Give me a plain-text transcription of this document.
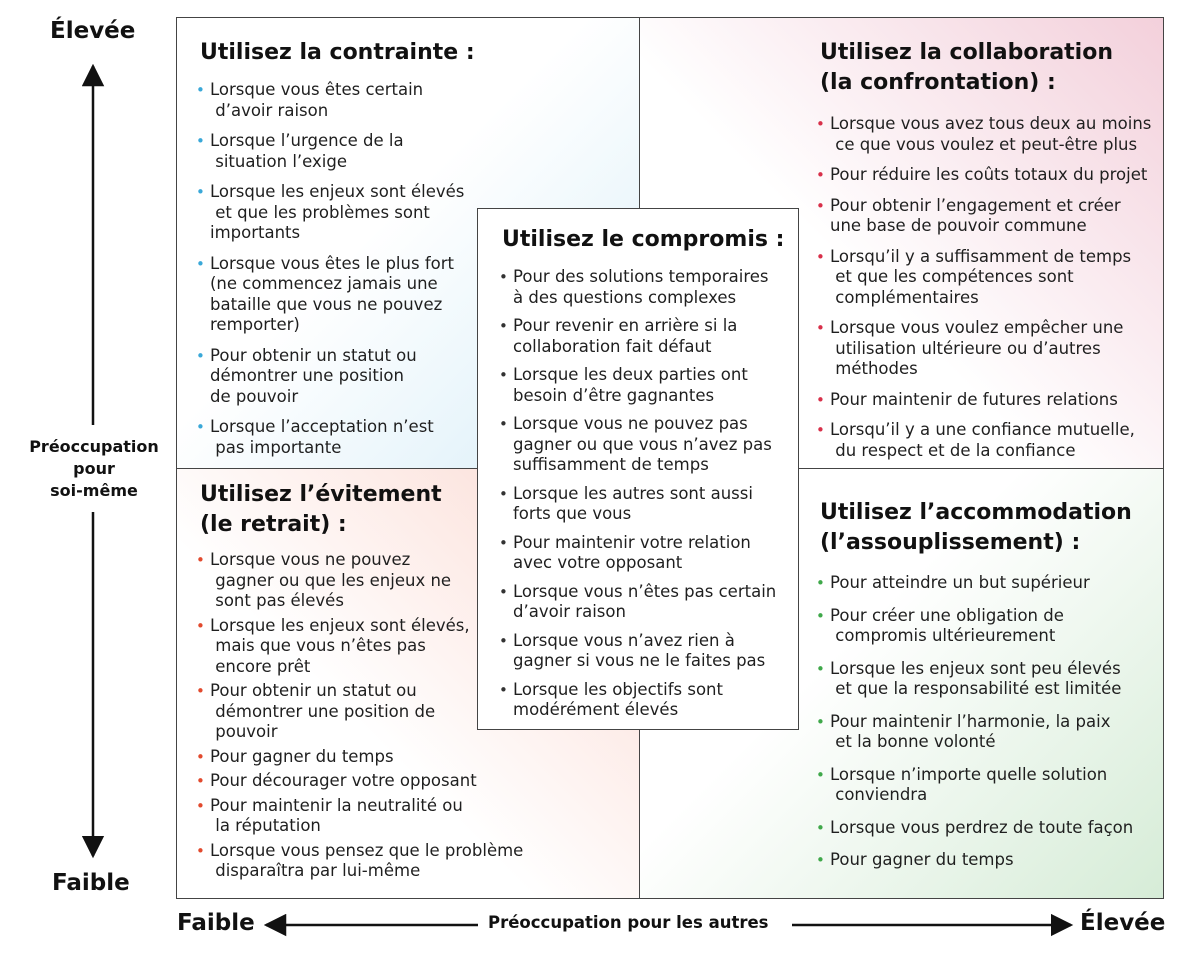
Élevée
Préoccupation
pour
soi-même
Faible
Faible	Préoccupation pour les autres	Élevée
Utilisez la contrainte :
• Lorsque vous êtes certain
d’avoir raison
• Lorsque l’urgence de la
situation l’exige
• Lorsque les enjeux sont élevés
et que les problèmes sont
importants
• Lorsque vous êtes le plus fort
(ne commencez jamais une
bataille que vous ne pouvez
remporter)
• Pour obtenir un statut ou
démontrer une position
de pouvoir
• Lorsque l’acceptation n’est
pas importante
Utilisez la collaboration
(la confrontation) :
• Lorsque vous avez tous deux au moins
ce que vous voulez et peut-être plus
• Pour réduire les coûts totaux du projet
• Pour obtenir l’engagement et créer
une base de pouvoir commune
• Lorsqu’il y a suffisamment de temps
et que les compétences sont
complémentaires
• Lorsque vous voulez empêcher une
utilisation ultérieure ou d’autres
méthodes
• Pour maintenir de futures relations
• Lorsqu’il y a une confiance mutuelle,
du respect et de la confiance
Utilisez l’évitement
(le retrait) :
• Lorsque vous ne pouvez
gagner ou que les enjeux ne
sont pas élevés
• Lorsque les enjeux sont élevés,
mais que vous n’êtes pas
encore prêt
• Pour obtenir un statut ou
démontrer une position de
pouvoir
• Pour gagner du temps
• Pour décourager votre opposant
• Pour maintenir la neutralité ou
la réputation
• Lorsque vous pensez que le problème
disparaîtra par lui-même
Utilisez l’accommodation
(l’assouplissement) :
• Pour atteindre un but supérieur
• Pour créer une obligation de
compromis ultérieurement
• Lorsque les enjeux sont peu élevés
et que la responsabilité est limitée
• Pour maintenir l’harmonie, la paix
et la bonne volonté
• Lorsque n’importe quelle solution
conviendra
• Lorsque vous perdrez de toute façon
• Pour gagner du temps
Utilisez le compromis :
• Pour des solutions temporaires
à des questions complexes
• Pour revenir en arrière si la
collaboration fait défaut
• Lorsque les deux parties ont
besoin d’être gagnantes
• Lorsque vous ne pouvez pas
gagner ou que vous n’avez pas
suffisamment de temps
• Lorsque les autres sont aussi
forts que vous
• Pour maintenir votre relation
avec votre opposant
• Lorsque vous n’êtes pas certain
d’avoir raison
• Lorsque vous n’avez rien à
gagner si vous ne le faites pas
• Lorsque les objectifs sont
modérément élevés
